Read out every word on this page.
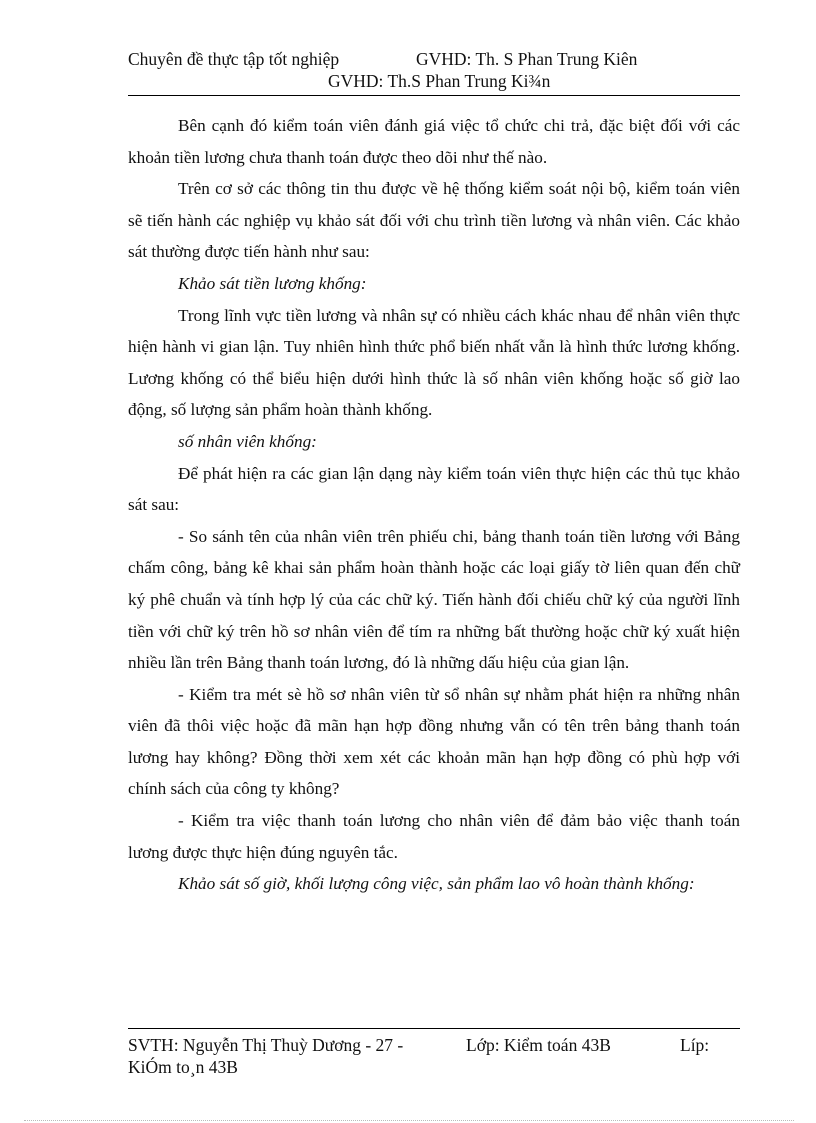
Chuyên đề thực tập tốt nghiệp	GVHD: Th. S Phan Trung Kiên
GVHD: Th.S Phan Trung Ki¾n

Bên cạnh đó kiểm toán viên đánh giá việc tổ chức chi trả, đặc biệt đối với các khoản tiền lương chưa thanh toán được theo dõi như thế nào.

Trên cơ sở các thông tin thu được về hệ thống kiểm soát nội bộ, kiểm toán viên sẽ tiến hành các nghiệp vụ khảo sát đối với chu trình tiền lương và nhân viên. Các khảo sát thường được tiến hành như sau:

Khảo sát tiền lương khống:

Trong lĩnh vực tiền lương và nhân sự có nhiều cách khác nhau để nhân viên thực hiện hành vi gian lận. Tuy nhiên hình thức phổ biến nhất vẫn là hình thức lương khống. Lương khống có thể biểu hiện dưới hình thức là số nhân viên khống hoặc số giờ lao động, số lượng sản phẩm hoàn thành khống.

số nhân viên khống:

Để phát hiện ra các gian lận dạng này kiểm toán viên thực hiện các thủ tục khảo sát sau:

- So sánh tên của nhân viên trên phiếu chi, bảng thanh toán tiền lương với Bảng chấm công, bảng kê khai sản phẩm hoàn thành hoặc các loại giấy tờ liên quan đến chữ ký phê chuẩn và tính hợp lý của các chữ ký. Tiến hành đối chiếu chữ ký của người lĩnh tiền với chữ ký trên hồ sơ nhân viên để tím ra những bất thường hoặc chữ ký xuất hiện nhiều lần trên Bảng thanh toán lương, đó là những dấu hiệu của gian lận.

- Kiểm tra mét sè hồ sơ nhân viên từ sổ nhân sự nhằm phát hiện ra những nhân viên đã thôi việc hoặc đã mãn hạn hợp đồng nhưng vẫn có tên trên bảng thanh toán lương hay không? Đồng thời xem xét các khoản mãn hạn hợp đồng có phù hợp với chính sách của công ty không?

- Kiểm tra việc thanh toán lương cho nhân viên để đảm bảo việc thanh toán lương được thực hiện đúng nguyên tắc.

Khảo sát số giờ, khối lượng công việc, sản phẩm lao vô hoàn thành khống:

SVTH: Nguyễn Thị Thuỳ Dương - 27 -	Lớp: Kiểm toán 43B	Líp:
KiÓm to¸n 43B
